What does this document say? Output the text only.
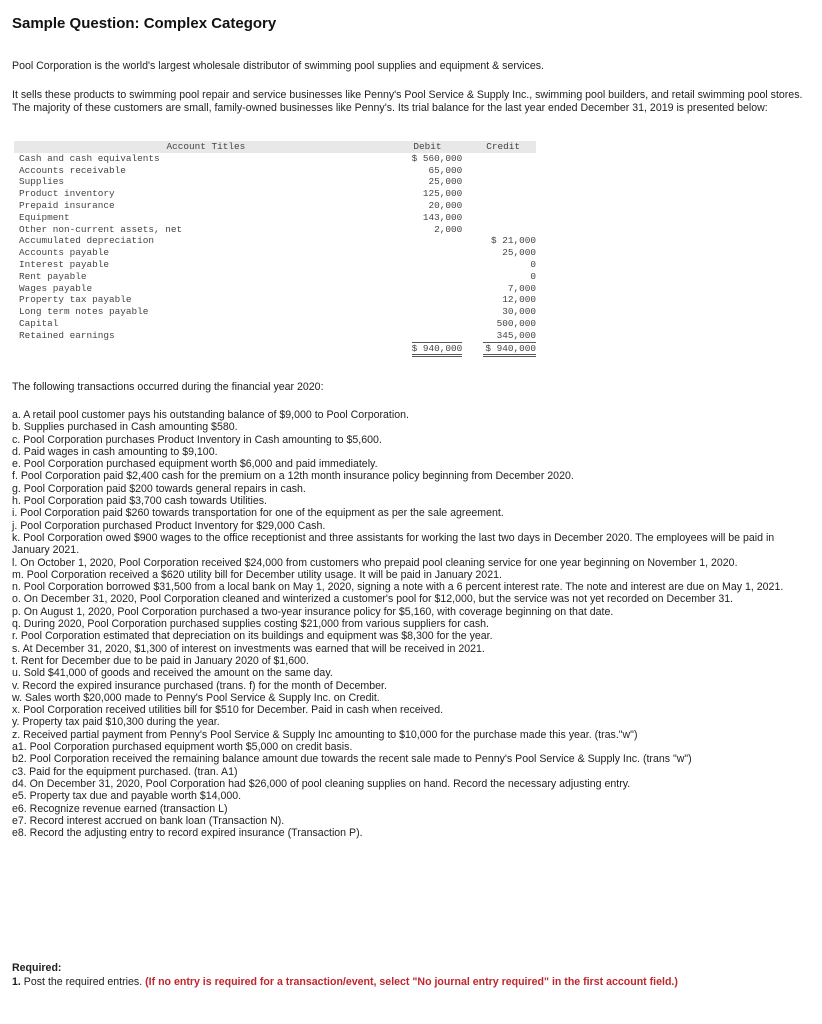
Sample Question: Complex Category

Pool Corporation is the world's largest wholesale distributor of swimming pool supplies and equipment & services.

It sells these products to swimming pool repair and service businesses like Penny's Pool Service & Supply Inc., swimming pool builders, and retail swimming pool stores. The majority of these customers are small, family-owned businesses like Penny's. Its trial balance for the last year ended December 31, 2019 is presented below:

Account Titles	Debit	Credit
Cash and cash equivalents	$ 560,000	
Accounts receivable	65,000	
Supplies	25,000	
Product inventory	125,000	
Prepaid insurance	20,000	
Equipment	143,000	
Other non-current assets, net	2,000	
Accumulated depreciation		$ 21,000
Accounts payable		25,000
Interest payable		0
Rent payable		0
Wages payable		7,000
Property tax payable		12,000
Long term notes payable		30,000
Capital		500,000
Retained earnings		345,000
	$ 940,000	$ 940,000

The following transactions occurred during the financial year 2020:

a. A retail pool customer pays his outstanding balance of $9,000 to Pool Corporation.
b. Supplies purchased in Cash amounting $580.
c. Pool Corporation purchases Product Inventory in Cash amounting to $5,600.
d. Paid wages in cash amounting to $9,100.
e. Pool Corporation purchased equipment worth $6,000 and paid immediately.
f. Pool Corporation paid $2,400 cash for the premium on a 12th month insurance policy beginning from December 2020.
g. Pool Corporation paid $200 towards general repairs in cash.
h. Pool Corporation paid $3,700 cash towards Utilities.
i. Pool Corporation paid $260 towards transportation for one of the equipment as per the sale agreement.
j. Pool Corporation purchased Product Inventory for $29,000 Cash.
k. Pool Corporation owed $900 wages to the office receptionist and three assistants for working the last two days in December 2020. The employees will be paid in January 2021.
l. On October 1, 2020, Pool Corporation received $24,000 from customers who prepaid pool cleaning service for one year beginning on November 1, 2020.
m. Pool Corporation received a $620 utility bill for December utility usage. It will be paid in January 2021.
n. Pool Corporation borrowed $31,500 from a local bank on May 1, 2020, signing a note with a 6 percent interest rate. The note and interest are due on May 1, 2021.
o. On December 31, 2020, Pool Corporation cleaned and winterized a customer's pool for $12,000, but the service was not yet recorded on December 31.
p. On August 1, 2020, Pool Corporation purchased a two-year insurance policy for $5,160, with coverage beginning on that date.
q. During 2020, Pool Corporation purchased supplies costing $21,000 from various suppliers for cash.
r. Pool Corporation estimated that depreciation on its buildings and equipment was $8,300 for the year.
s. At December 31, 2020, $1,300 of interest on investments was earned that will be received in 2021.
t. Rent for December due to be paid in January 2020 of $1,600.
u. Sold $41,000 of goods and received the amount on the same day.
v. Record the expired insurance purchased (trans. f) for the month of December.
w. Sales worth $20,000 made to Penny's Pool Service & Supply Inc. on Credit.
x. Pool Corporation received utilities bill for $510 for December. Paid in cash when received.
y. Property tax paid $10,300 during the year.
z. Received partial payment from Penny's Pool Service & Supply Inc amounting to $10,000 for the purchase made this year. (tras."w")
a1. Pool Corporation purchased equipment worth $5,000 on credit basis.
b2. Pool Corporation received the remaining balance amount due towards the recent sale made to Penny's Pool Service & Supply Inc. (trans "w")
c3. Paid for the equipment purchased. (tran. A1)
d4. On December 31, 2020, Pool Corporation had $26,000 of pool cleaning supplies on hand. Record the necessary adjusting entry.
e5. Property tax due and payable worth $14,000.
e6. Recognize revenue earned (transaction L)
e7. Record interest accrued on bank loan (Transaction N).
e8. Record the adjusting entry to record expired insurance (Transaction P).
Required:
1. Post the required entries. (If no entry is required for a transaction/event, select "No journal entry required" in the first account field.)
